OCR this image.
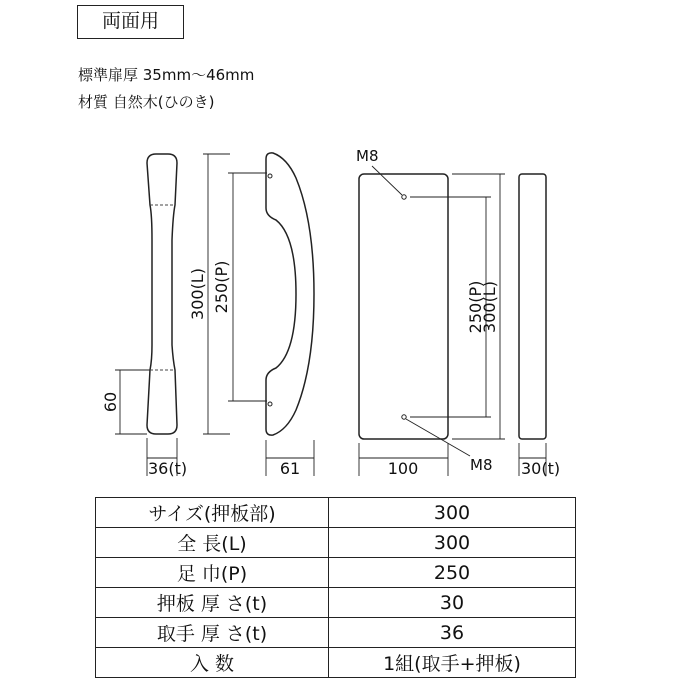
両面用
標準扉厚 35mm～46mm
材質 自然木(ひのき)
300(L) 250(P)
60
36(t)	61
M8
M8
250(P)
300(L)
100	30(t)
サイズ(押板部)	300
全 長(L)	300
足 巾(P)	250
押板 厚 さ(t)	30
取手 厚 さ(t)	36
入 数	1組(取手+押板)
